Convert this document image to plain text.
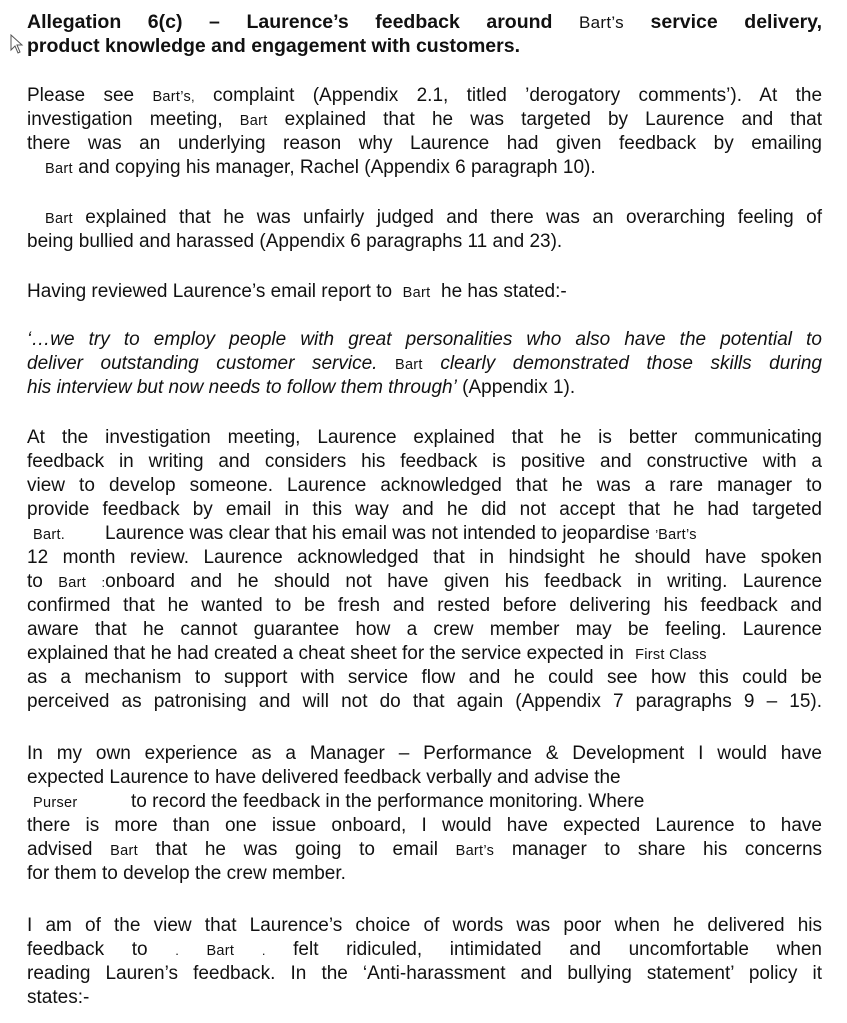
Allegation 6(c) – Laurence’s feedback around Bart’s service delivery,
product knowledge and engagement with customers.
Please see Bart’s, complaint (Appendix 2.1, titled ’derogatory comments’). At the
investigation meeting, Bart explained that he was targeted by Laurence and that
there was an underlying reason why Laurence had given feedback by emailing
Bart and copying his manager, Rachel (Appendix 6 paragraph 10).
Bart explained that he was unfairly judged and there was an overarching feeling of
being bullied and harassed (Appendix 6 paragraphs 11 and 23).
Having reviewed Laurence’s email report to Bart he has stated:-
‘…we try to employ people with great personalities who also have the potential to
deliver outstanding customer service. Bart clearly demonstrated those skills during
his interview but now needs to follow them through’ (Appendix 1).
At the investigation meeting, Laurence explained that he is better communicating
feedback in writing and considers his feedback is positive and constructive with a
view to develop someone. Laurence acknowledged that he was a rare manager to
provide feedback by email in this way and he did not accept that he had targeted
Bart. Laurence was clear that his email was not intended to jeopardise ’Bart’s
12 month review. Laurence acknowledged that in hindsight he should have spoken
to Bart :onboard and he should not have given his feedback in writing. Laurence
confirmed that he wanted to be fresh and rested before delivering his feedback and
aware that he cannot guarantee how a crew member may be feeling. Laurence
explained that he had created a cheat sheet for the service expected in First Class
as a mechanism to support with service flow and he could see how this could be
perceived as patronising and will not do that again (Appendix 7 paragraphs 9 – 15).
In my own experience as a Manager – Performance & Development I would have
expected Laurence to have delivered feedback verbally and advise the
Purser	to record the feedback in the performance monitoring. Where
there is more than one issue onboard, I would have expected Laurence to have
advised Bart that he was going to email Bart’s manager to share his concerns
for them to develop the crew member.
I am of the view that Laurence’s choice of words was poor when he delivered his
feedback to . Bart . felt ridiculed, intimidated and uncomfortable when
reading Lauren’s feedback. In the ‘Anti-harassment and bullying statement’ policy it
states:-
